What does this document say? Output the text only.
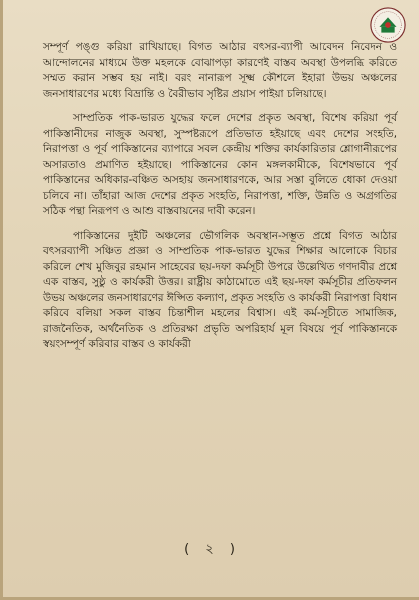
সম্পূর্ণ পঙ্গু করিয়া রাখিয়াছে। বিগত আঠার বৎসর-ব্যাপী আবেদন নিবেদন ও আন্দোলনের মাধ্যমে উক্ত মহলকে বোঝাপড়া কারণেই বাস্তব অবস্থা উপলব্ধি করিতে সম্মত করান সম্ভব হয় নাই। বরং নানারূপ সূক্ষ্ম কৌশলে ইহারা উভয় অঞ্চলের জনসাধারণের মধ্যে বিভ্রান্তি ও বৈরীভাব সৃষ্টির প্রয়াস পাইয়া চলিয়াছে।

সাম্প্রতিক পাক-ভারত যুদ্ধের ফলে দেশের প্রকৃত অবস্থা, বিশেষ করিয়া পূর্ব পাকিস্তানীদের নাজুক অবস্থা, সুস্পষ্টরূপে প্রতিভাত হইয়াছে এবং দেশের সংহতি, নিরাপত্তা ও পূর্ব পাকিস্তানের ব্যাপারে সবল কেন্দ্রীয় শক্তির কার্যকারিতার শ্লোগানীরূপের অসারতাও প্রমাণিত হইয়াছে। পাকিস্তানের কোন মঙ্গলকামীকে, বিশেষভাবে পূর্ব পাকিস্তানের অধিকার-বঞ্চিত অসহায় জনসাধারণকে, আর সস্তা বুলিতে ধোকা দেওয়া চলিবে না। তাঁহারা আজ দেশের প্রকৃত সংহতি, নিরাপত্তা, শক্তি, উন্নতি ও অগ্রগতির সঠিক পন্থা নিরূপণ ও আশু বাস্তবায়নের দাবী করেন।

পাকিস্তানের দুইটি অঞ্চলের ভৌগলিক অবস্থান-সম্ভূত প্রশ্নে বিগত আঠার বৎসরব্যাপী সঞ্চিত প্রজ্ঞা ও সাম্প্রতিক পাক-ভারত যুদ্ধের শিক্ষার আলোকে বিচার করিলে শেখ মুজিবুর রহমান সাহেবের ছয়-দফা কর্মসূচী উপরে উল্লেখিত গণদাবীর প্রশ্নে এক বাস্তব, সুষ্ঠু ও কার্যকরী উত্তর। রাষ্ট্রীয় কাঠামোতে এই ছয়-দফা কর্মসূচীর প্রতিফলন উভয় অঞ্চলের জনসাধারণের ঈপ্সিত কল্যাণ, প্রকৃত সংহতি ও কার্যকরী নিরাপত্তা বিধান করিবে বলিয়া সকল বাস্তব চিন্তাশীল মহলের বিশ্বাস। এই কর্ম-সূচীতে সামাজিক, রাজনৈতিক, অর্থনৈতিক ও প্রতিরক্ষা প্রভৃতি অপরিহার্য মূল বিষয়ে পূর্ব পাকিস্তানকে স্বয়ংসম্পূর্ণ করিবার বাস্তব ও কার্যকরী

( ২ )
